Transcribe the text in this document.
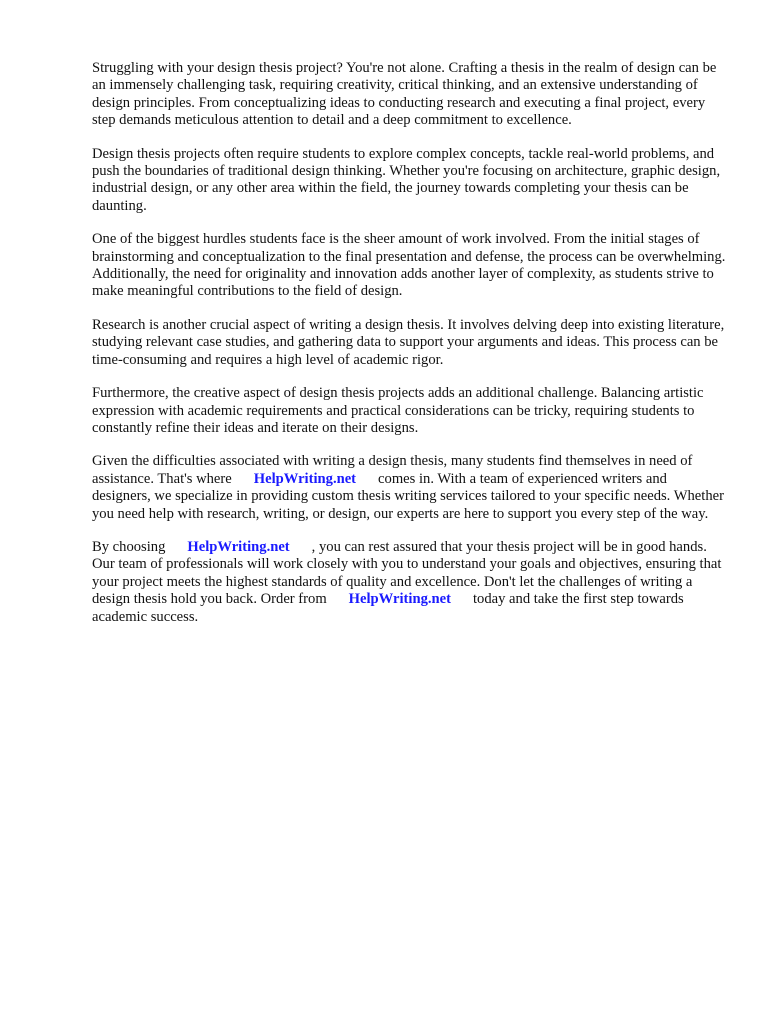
Struggling with your design thesis project? You're not alone. Crafting a thesis in the realm of design can be an immensely challenging task, requiring creativity, critical thinking, and an extensive understanding of design principles. From conceptualizing ideas to conducting research and executing a final project, every step demands meticulous attention to detail and a deep commitment to excellence.

Design thesis projects often require students to explore complex concepts, tackle real-world problems, and push the boundaries of traditional design thinking. Whether you're focusing on architecture, graphic design, industrial design, or any other area within the field, the journey towards completing your thesis can be daunting.

One of the biggest hurdles students face is the sheer amount of work involved. From the initial stages of brainstorming and conceptualization to the final presentation and defense, the process can be overwhelming. Additionally, the need for originality and innovation adds another layer of complexity, as students strive to make meaningful contributions to the field of design.

Research is another crucial aspect of writing a design thesis. It involves delving deep into existing literature, studying relevant case studies, and gathering data to support your arguments and ideas. This process can be time-consuming and requires a high level of academic rigor.

Furthermore, the creative aspect of design thesis projects adds an additional challenge. Balancing artistic expression with academic requirements and practical considerations can be tricky, requiring students to constantly refine their ideas and iterate on their designs.

Given the difficulties associated with writing a design thesis, many students find themselves in need of assistance. That's where HelpWriting.net comes in. With a team of experienced writers and designers, we specialize in providing custom thesis writing services tailored to your specific needs. Whether you need help with research, writing, or design, our experts are here to support you every step of the way.

By choosing HelpWriting.net , you can rest assured that your thesis project will be in good hands. Our team of professionals will work closely with you to understand your goals and objectives, ensuring that your project meets the highest standards of quality and excellence. Don't let the challenges of writing a design thesis hold you back. Order from HelpWriting.net today and take the first step towards academic success.
